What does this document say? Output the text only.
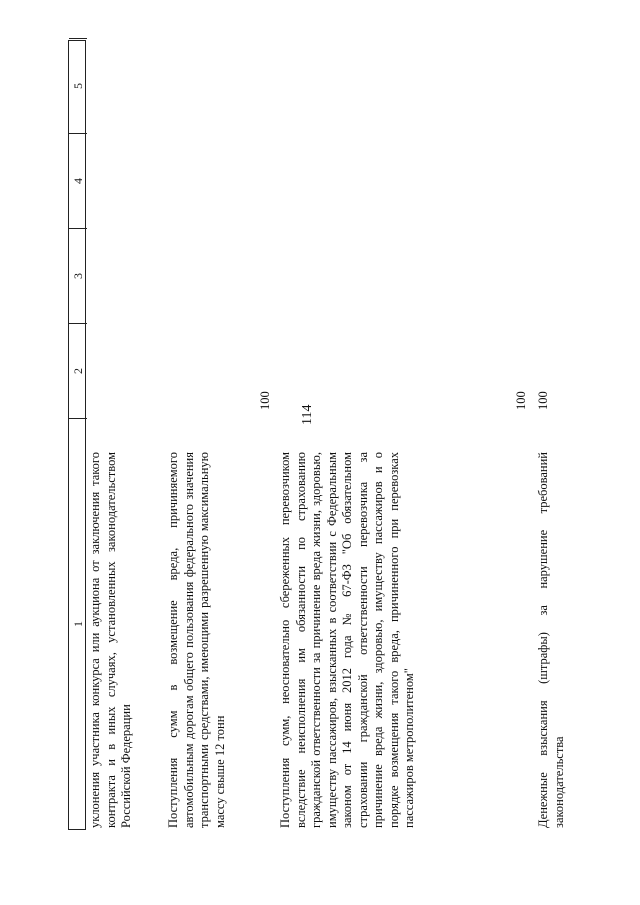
114
1
2
3
4
5
уклонения участника конкурса или аукциона от заключения такого контракта и в иных случаях, установленных законодательством Российской Федерации	Поступления сумм в возмещение вреда, причиняемого автомобильным дорогам общего пользования федерального значения транспортными средствами, имеющими разрешенную максимальную массу свыше 12 тонн
100
Поступления сумм, неосновательно сбереженных перевозчиком вследствие неисполнения им обязанности по страхованию гражданской ответственности за причинение вреда жизни, здоровью, имуществу пассажиров, взысканных в соответствии с Федеральным законом от 14 июня 2012 года № 67-ФЗ "Об обязательном страховании гражданской ответственности перевозчика за причинение вреда жизни, здоровью, имуществу пассажиров и о порядке возмещения такого вреда, причиненного при перевозках пассажиров метрополитеном"
100
Денежные взыскания (штрафы) за нарушение требований законодательства
100
